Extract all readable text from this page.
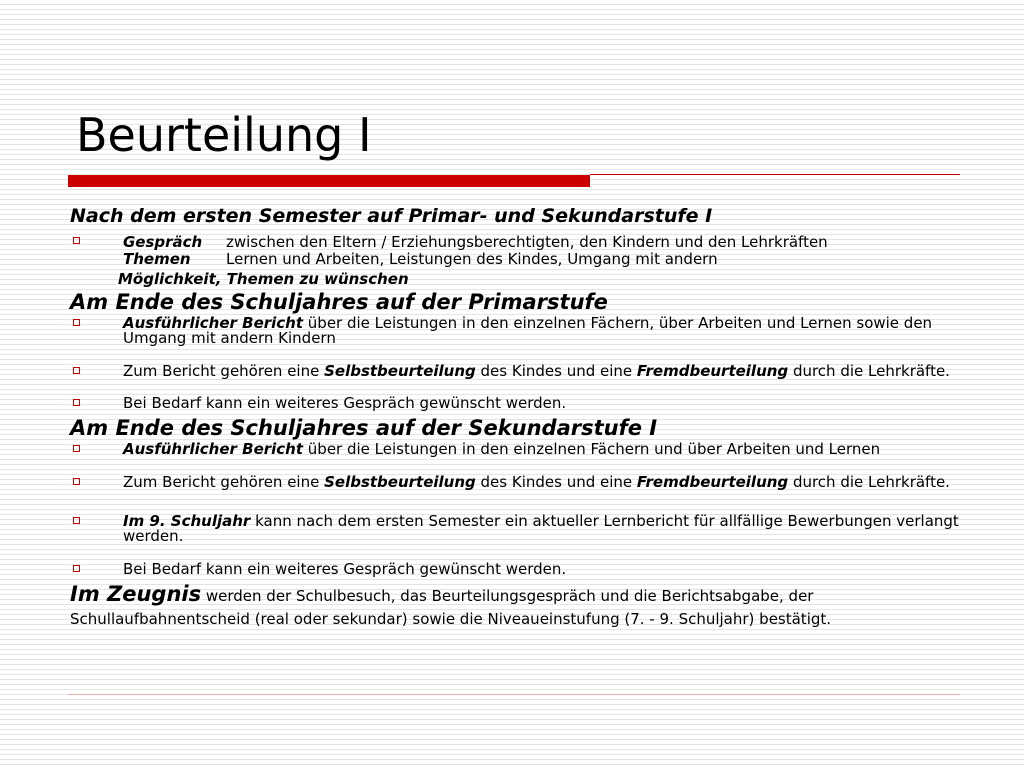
Beurteilung I
Nach dem ersten Semester auf Primar- und Sekundarstufe I
Gespräch	zwischen den Eltern / Erziehungsberechtigten, den Kindern und den Lehrkräften
Themen	Lernen und Arbeiten, Leistungen des Kindes, Umgang mit andern
Möglichkeit, Themen zu wünschen
Am Ende des Schuljahres auf der Primarstufe
Ausführlicher Bericht über die Leistungen in den einzelnen Fächern, über Arbeiten und Lernen sowie den Umgang mit andern Kindern
Zum Bericht gehören eine Selbstbeurteilung des Kindes und eine Fremdbeurteilung durch die Lehrkräfte.
Bei Bedarf kann ein weiteres Gespräch gewünscht werden.
Am Ende des Schuljahres auf der Sekundarstufe I
Ausführlicher Bericht über die Leistungen in den einzelnen Fächern und über Arbeiten und Lernen
Zum Bericht gehören eine Selbstbeurteilung des Kindes und eine Fremdbeurteilung durch die Lehrkräfte.
Im 9. Schuljahr kann nach dem ersten Semester ein aktueller Lernbericht für allfällige Bewerbungen verlangt werden.
Bei Bedarf kann ein weiteres Gespräch gewünscht werden.
Im Zeugnis werden der Schulbesuch, das Beurteilungsgespräch und die Berichtsabgabe, der Schullaufbahnentscheid (real oder sekundar) sowie die Niveaueinstufung (7. - 9. Schuljahr) bestätigt.
